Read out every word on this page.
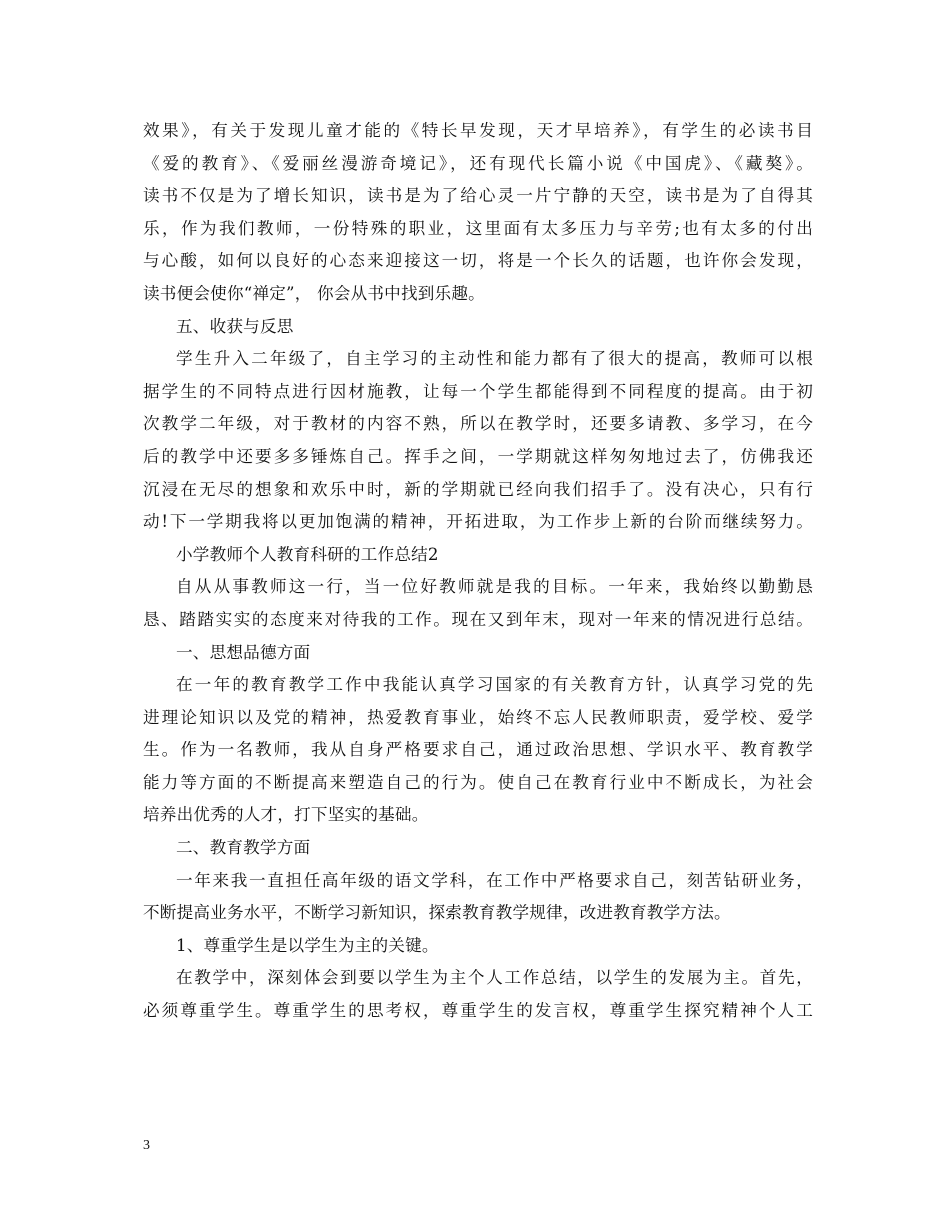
效果》，有关于发现儿童才能的《特长早发现，天才早培养》，有学生的必读书目
《爱的教育》、《爱丽丝漫游奇境记》，还有现代长篇小说《中国虎》、《藏獒》。
读书不仅是为了增长知识，读书是为了给心灵一片宁静的天空，读书是为了自得其
乐，作为我们教师，一份特殊的职业，这里面有太多压力与辛劳;也有太多的付出
与心酸，如何以良好的心态来迎接这一切，将是一个长久的话题，也许你会发现，
读书便会使你“禅定”， 你会从书中找到乐趣。
五、收获与反思
学生升入二年级了，自主学习的主动性和能力都有了很大的提高，教师可以根
据学生的不同特点进行因材施教，让每一个学生都能得到不同程度的提高。由于初
次教学二年级，对于教材的内容不熟，所以在教学时，还要多请教、多学习，在今
后的教学中还要多多锤炼自己。挥手之间，一学期就这样匆匆地过去了，仿佛我还
沉浸在无尽的想象和欢乐中时，新的学期就已经向我们招手了。没有决心，只有行
动!下一学期我将以更加饱满的精神，开拓进取，为工作步上新的台阶而继续努力。
小学教师个人教育科研的工作总结2
自从从事教师这一行，当一位好教师就是我的目标。一年来，我始终以勤勤恳
恳、踏踏实实的态度来对待我的工作。现在又到年末，现对一年来的情况进行总结。
一、思想品德方面
在一年的教育教学工作中我能认真学习国家的有关教育方针，认真学习党的先
进理论知识以及党的精神，热爱教育事业，始终不忘人民教师职责，爱学校、爱学
生。作为一名教师，我从自身严格要求自己，通过政治思想、学识水平、教育教学
能力等方面的不断提高来塑造自己的行为。使自己在教育行业中不断成长，为社会
培养出优秀的人才，打下坚实的基础。
二、教育教学方面
一年来我一直担任高年级的语文学科，在工作中严格要求自己，刻苦钻研业务，
不断提高业务水平，不断学习新知识，探索教育教学规律，改进教育教学方法。
1、尊重学生是以学生为主的关键。
在教学中，深刻体会到要以学生为主个人工作总结，以学生的发展为主。首先，
必须尊重学生。尊重学生的思考权，尊重学生的发言权，尊重学生探究精神个人工
3
